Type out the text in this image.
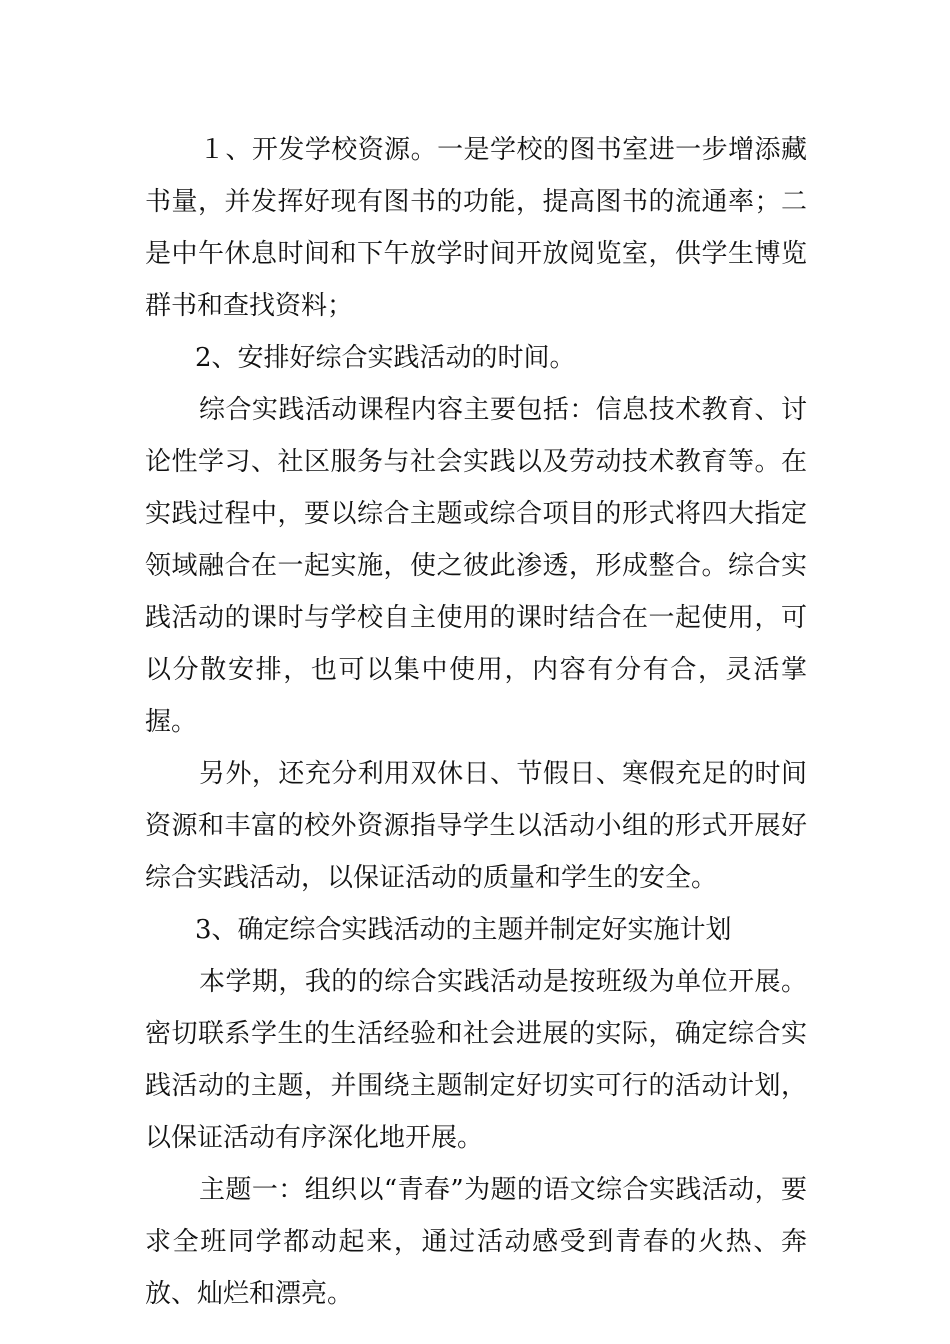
１、开发学校资源。一是学校的图书室进一步增添藏书量，并发挥好现有图书的功能，提高图书的流通率；二是中午休息时间和下午放学时间开放阅览室，供学生博览群书和查找资料；

2、安排好综合实践活动的时间。

综合实践活动课程内容主要包括：信息技术教育、讨论性学习、社区服务与社会实践以及劳动技术教育等。在实践过程中，要以综合主题或综合项目的形式将四大指定领域融合在一起实施，使之彼此渗透，形成整合。综合实践活动的课时与学校自主使用的课时结合在一起使用，可以分散安排，也可以集中使用，内容有分有合，灵活掌握。

另外，还充分利用双休日、节假日、寒假充足的时间资源和丰富的校外资源指导学生以活动小组的形式开展好综合实践活动，以保证活动的质量和学生的安全。

3、确定综合实践活动的主题并制定好实施计划

本学期，我的的综合实践活动是按班级为单位开展。密切联系学生的生活经验和社会进展的实际，确定综合实践活动的主题，并围绕主题制定好切实可行的活动计划，以保证活动有序深化地开展。

主题一：组织以“青春”为题的语文综合实践活动，要求全班同学都动起来，通过活动感受到青春的火热、奔放、灿烂和漂亮。
